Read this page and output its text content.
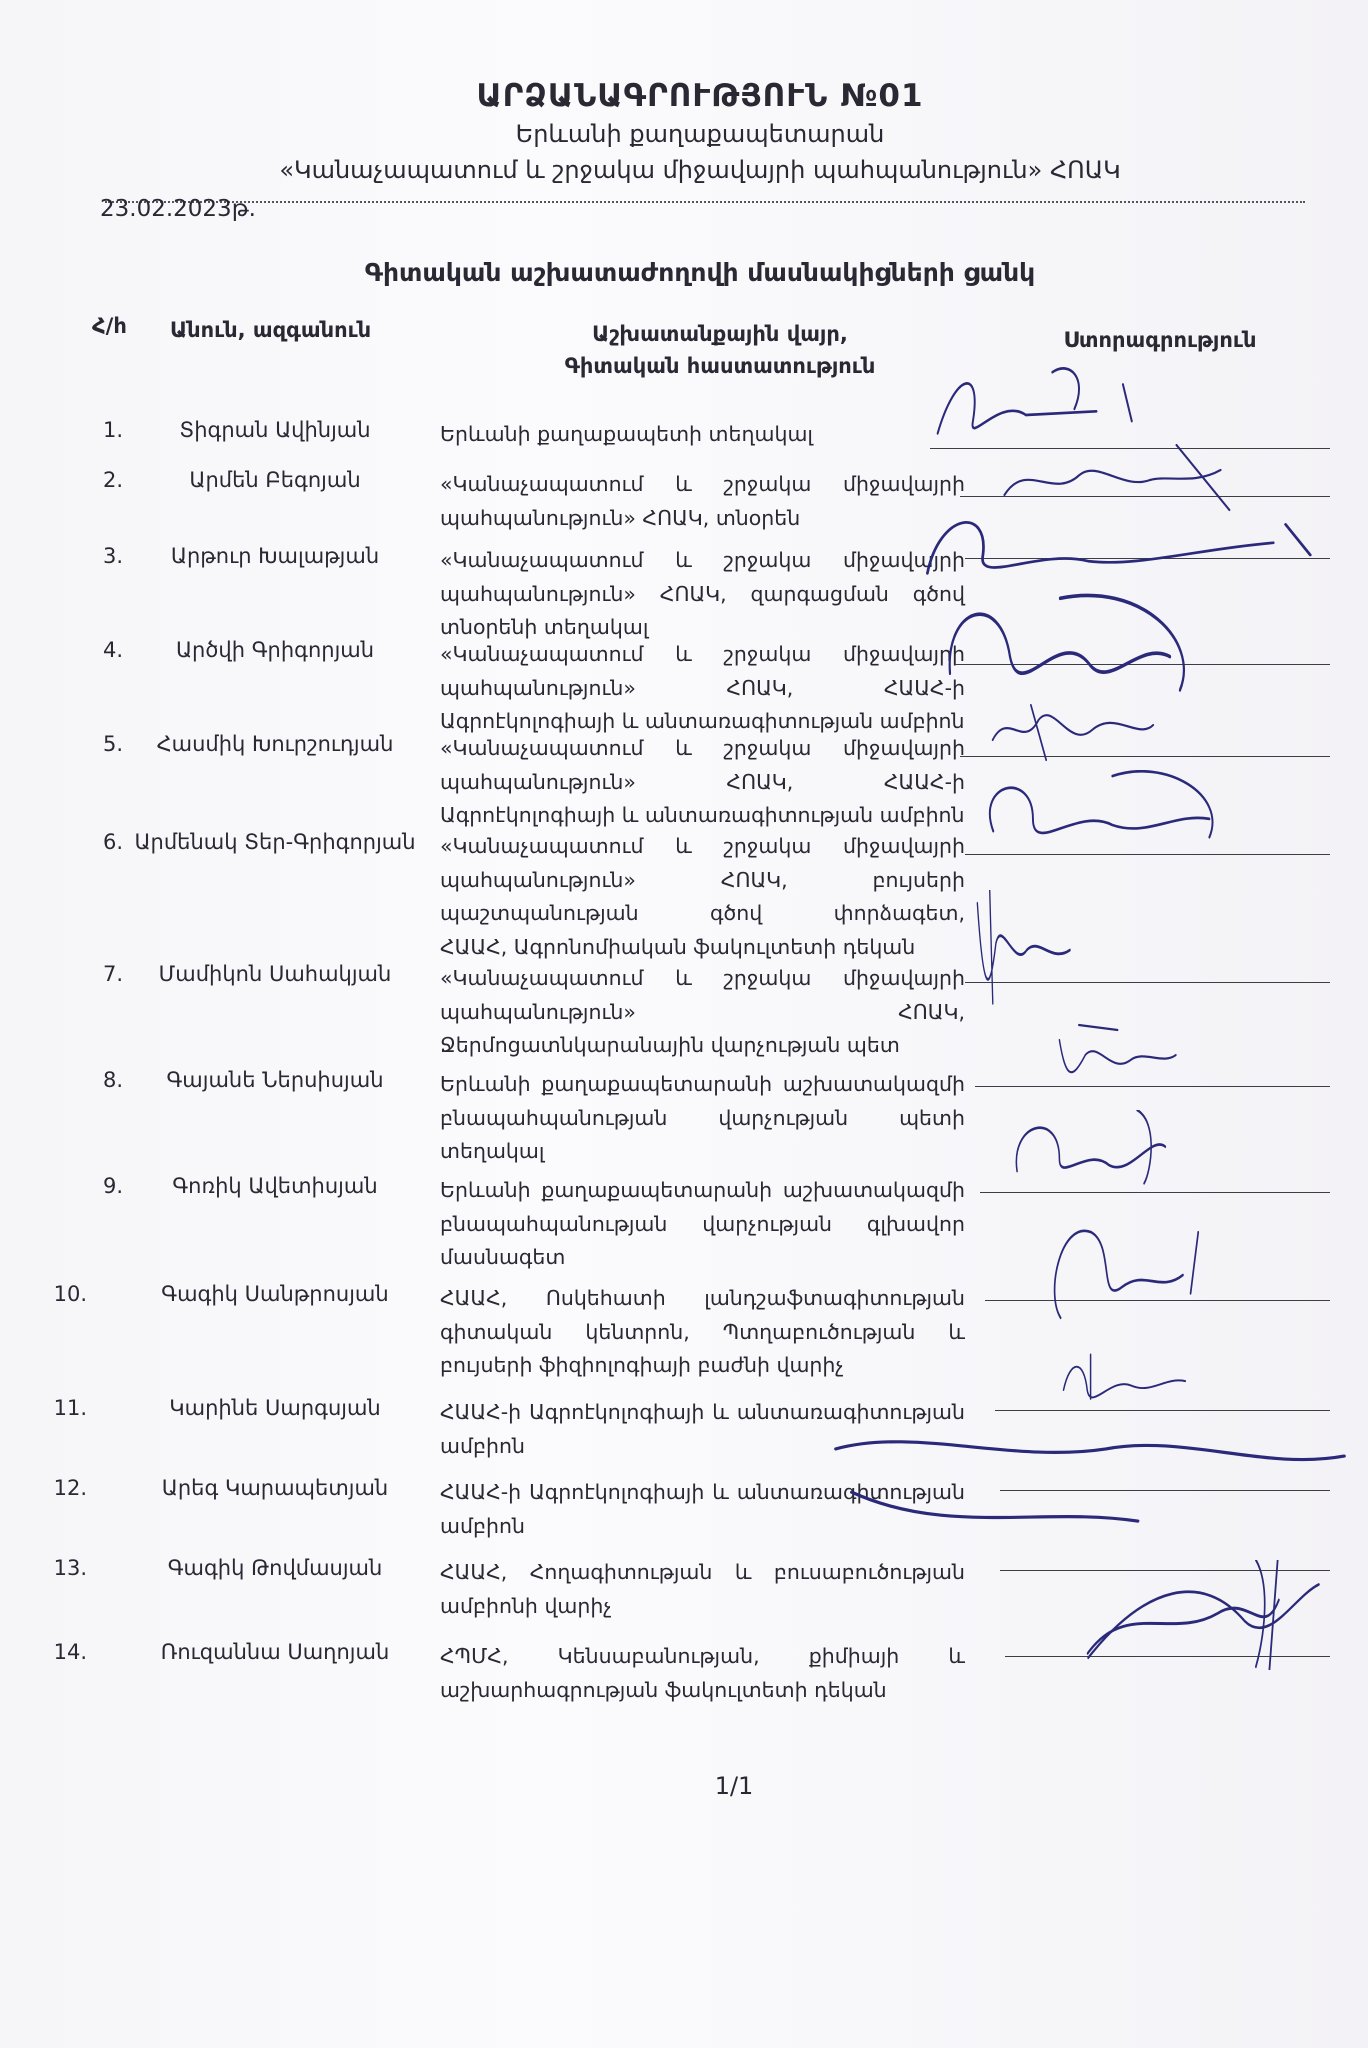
ԱՐՁԱՆԱԳՐՈՒԹՅՈՒՆ №01
Երևանի քաղաքապետարան
«Կանաչապատում և շրջակա միջավայրի պահպանություն» ՀՈԱԿ
23.02.2023թ.
Գիտական աշխատաժողովի մասնակիցների ցանկ
Հ/հ Անուն, ազգանուն	Աշխատանքային վայր,
Գիտական հաստատություն
Ստորագրություն
1.	Տիգրան Ավինյան	Երևանի քաղաքապետի տեղակալ
2.	Արմեն Բեգոյան	«Կանաչապատում և շրջակա միջավայրի
պահպանություն» ՀՈԱԿ, տնօրեն
3.	Արթուր Խալաթյան	«Կանաչապատում և շրջակա միջավայրի
պահպանություն» ՀՈԱԿ, զարգացման գծով
տնօրենի տեղակալ
4.	Արծվի Գրիգորյան	«Կանաչապատում և շրջակա միջավայրի
պահպանություն» ՀՈԱԿ, ՀԱԱՀ-ի
Ագրոէկոլոգիայի և անտառագիտության ամբիոն
5.	Հասմիկ Խուրշուդյան	«Կանաչապատում և շրջակա միջավայրի
պահպանություն» ՀՈԱԿ, ՀԱԱՀ-ի
Ագրոէկոլոգիայի և անտառագիտության ամբիոն
6. Արմենակ Տեր-Գրիգորյան	«Կանաչապատում և շրջակա միջավայրի
պահպանություն» ՀՈԱԿ, բույսերի
պաշտպանության գծով փորձագետ,
ՀԱԱՀ, Ագրոնոմիական ֆակուլտետի դեկան
7.	Մամիկոն Սահակյան	«Կանաչապատում և շրջակա միջավայրի
պահպանություն» ՀՈԱԿ,
Ջերմոցատնկարանային վարչության պետ
8.	Գայանե Ներսիսյան	Երևանի քաղաքապետարանի աշխատակազմի
բնապահպանության վարչության պետի
տեղակալ
9.	Գոռիկ Ավետիսյան	Երևանի քաղաքապետարանի աշխատակազմի
բնապահպանության վարչության գլխավոր
մասնագետ
10.	Գագիկ Սանթրոսյան	ՀԱԱՀ, Ոսկեհատի լանդշաֆտագիտության
գիտական կենտրոն, Պտղաբուծության և
բույսերի ֆիզիոլոգիայի բաժնի վարիչ
11.	Կարինե Սարգսյան	ՀԱԱՀ-ի Ագրոէկոլոգիայի և անտառագիտության
ամբիոն
12.	Արեգ Կարապետյան	ՀԱԱՀ-ի Ագրոէկոլոգիայի և անտառագիտության
ամբիոն
13.	Գագիկ Թովմասյան	ՀԱԱՀ, Հողագիտության և բուսաբուծության
ամբիոնի վարիչ
14.	Ռուզաննա Սաղոյան	ՀՊՄՀ, Կենսաբանության, քիմիայի և
աշխարհագրության ֆակուլտետի դեկան
1/1
